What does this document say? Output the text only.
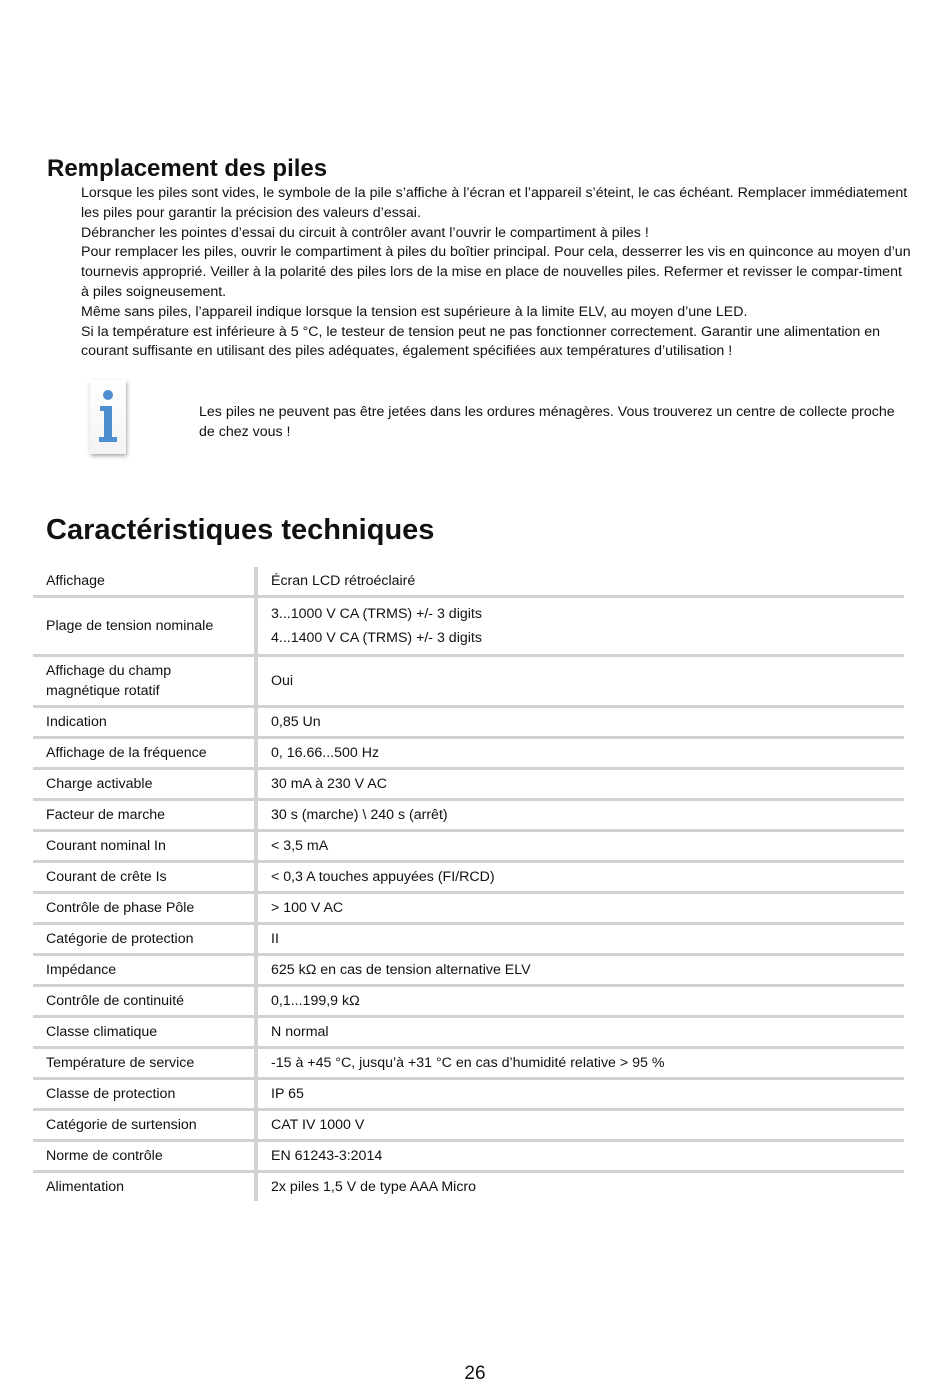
Remplacement des piles

Lorsque les piles sont vides, le symbole de la pile s’affiche à l’écran et l’appareil s’éteint, le cas échéant. Remplacer immédiatement les piles pour garantir la précision des valeurs d’essai.

Débrancher les pointes d’essai du circuit à contrôler avant l’ouvrir le compartiment à piles !

Pour remplacer les piles, ouvrir le compartiment à piles du boîtier principal. Pour cela, desserrer les vis en quinconce au moyen d’un tournevis approprié. Veiller à la polarité des piles lors de la mise en place de nouvelles piles. Refermer et revisser le compar-timent à piles soigneusement.

Même sans piles, l’appareil indique lorsque la tension est supérieure à la limite ELV, au moyen d’une LED.

Si la température est inférieure à 5 °C, le testeur de tension peut ne pas fonctionner correctement. Garantir une alimentation en courant suffisante en utilisant des piles adéquates, également spécifiées aux températures d’utilisation !

Les piles ne peuvent pas être jetées dans les ordures ménagères. Vous trouverez un centre de collecte proche de chez vous !
Caractéristiques techniques
Affichage	Écran LCD rétroéclairé
Plage de tension nominale	3...1000 V CA (TRMS) +/- 3 digits
4...1400 V CA (TRMS) +/- 3 digits

Affichage du champ magnétique rotatif	Oui
Indication	0,85 Un
Affichage de la fréquence	0, 16.66...500 Hz
Charge activable	30 mA à 230 V AC
Facteur de marche	30 s (marche) \ 240 s (arrêt)
Courant nominal In	< 3,5 mA
Courant de crête Is	< 0,3 A touches appuyées (FI/RCD)
Contrôle de phase Pôle	> 100 V AC
Catégorie de protection	II
Impédance	625 kΩ en cas de tension alternative ELV
Contrôle de continuité	0,1...199,9 kΩ
Classe climatique	N normal
Température de service	-15 à +45 °C, jusqu’à +31 °C en cas d’humidité relative > 95 %
Classe de protection	IP 65
Catégorie de surtension	CAT IV 1000 V
Norme de contrôle	EN 61243-3:2014
Alimentation	2x piles 1,5 V de type AAA Micro
26
